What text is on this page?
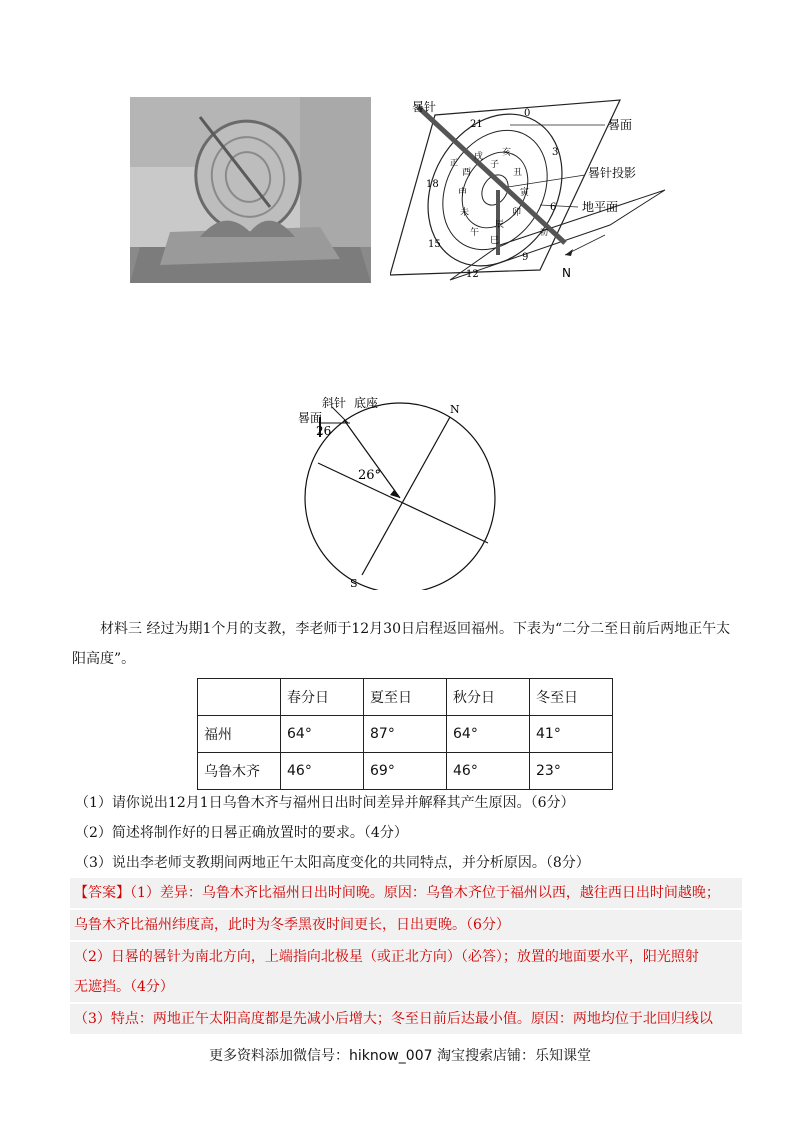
晷针
晷面
晷针投影
地平面
N
0
3
6
9
12
15
18
21
子
丑
寅
卯
辰
巳
午
未
申
酉
戌 亥
正
初
斜针 底座
晷面
26
26°
N
S
材料三 经过为期1个月的支教，李老师于12月30日启程返回福州。下表为“二分二至日前后两地正午太阳高度”。
	春分日	夏至日	秋分日	冬至日
福州	64°	87°	64°	41°
乌鲁木齐	46°	69°	46°	23°
（1）请你说出12月1日乌鲁木齐与福州日出时间差异并解释其产生原因。（6分）
（2）简述将制作好的日晷正确放置时的要求。（4分）
（3）说出李老师支教期间两地正午太阳高度变化的共同特点，并分析原因。（8分）
【答案】（1）差异：乌鲁木齐比福州日出时间晚。原因：乌鲁木齐位于福州以西，越往西日出时间越晚；
乌鲁木齐比福州纬度高，此时为冬季黑夜时间更长，日出更晚。（6分）
（2）日晷的晷针为南北方向，上端指向北极星（或正北方向）（必答）；放置的地面要水平，阳光照射
无遮挡。（4分）
（3）特点：两地正午太阳高度都是先减小后增大；冬至日前后达最小值。原因：两地均位于北回归线以
更多资料添加微信号：hiknow_007 淘宝搜索店铺：乐知课堂
